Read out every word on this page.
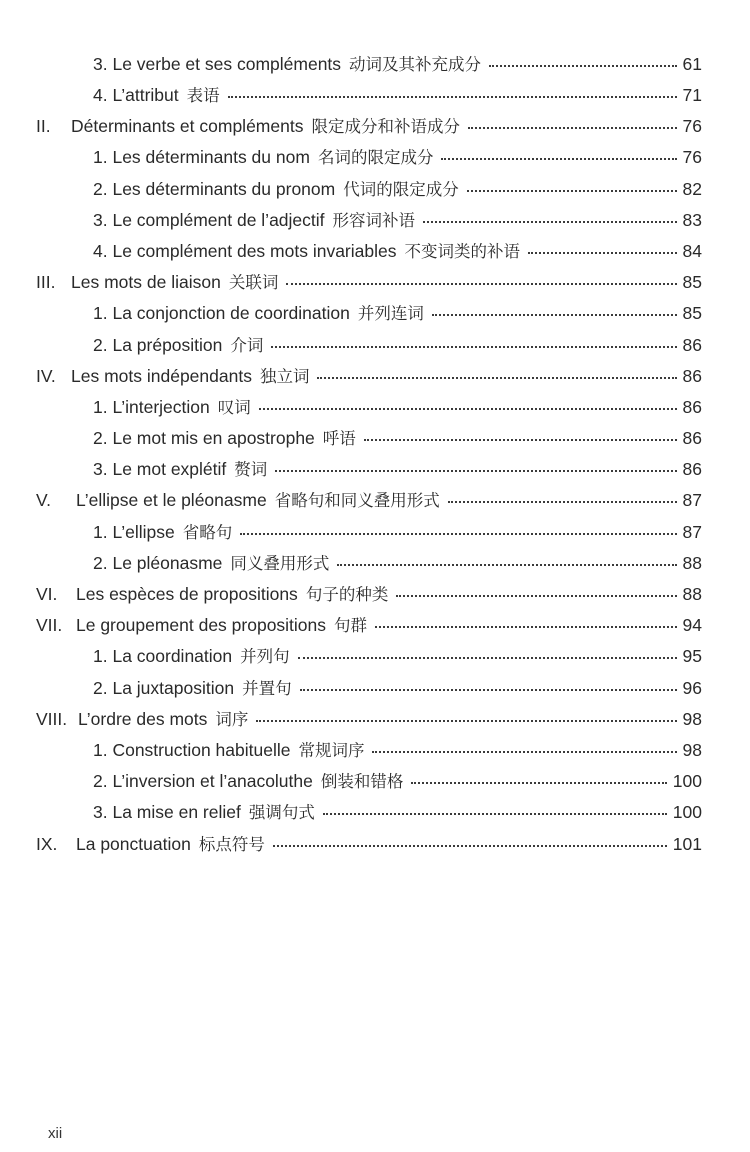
3. Le verbe et ses compléments 动词及其补充成分	61
4. L’attribut 表语	71
II.	Déterminants et compléments 限定成分和补语成分	76
1. Les déterminants du nom 名词的限定成分	76
2. Les déterminants du pronom 代词的限定成分	82
3. Le complément de l’adjectif 形容词补语	83
4. Le complément des mots invariables 不变词类的补语	84
III. Les mots de liaison 关联词	85
1. La conjonction de coordination 并列连词	85
2. La préposition 介词	86
IV. Les mots indépendants 独立词	86
1. L’interjection 叹词	86
2. Le mot mis en apostrophe 呼语	86
3. Le mot explétif 赘词	86
V.	L’ellipse et le pléonasme 省略句和同义叠用形式	87
1. L’ellipse 省略句	87
2. Le pléonasme 同义叠用形式	88
VI.	Les espèces de propositions 句子的种类	88
VII. Le groupement des propositions 句群	94
1. La coordination 并列句	95
2. La juxtaposition 并置句	96
VIII. L’ordre des mots 词序	98
1. Construction habituelle 常规词序	98
2. L’inversion et l’anacoluthe 倒装和错格	100
3. La mise en relief 强调句式	100
IX.	La ponctuation 标点符号	101
xii
